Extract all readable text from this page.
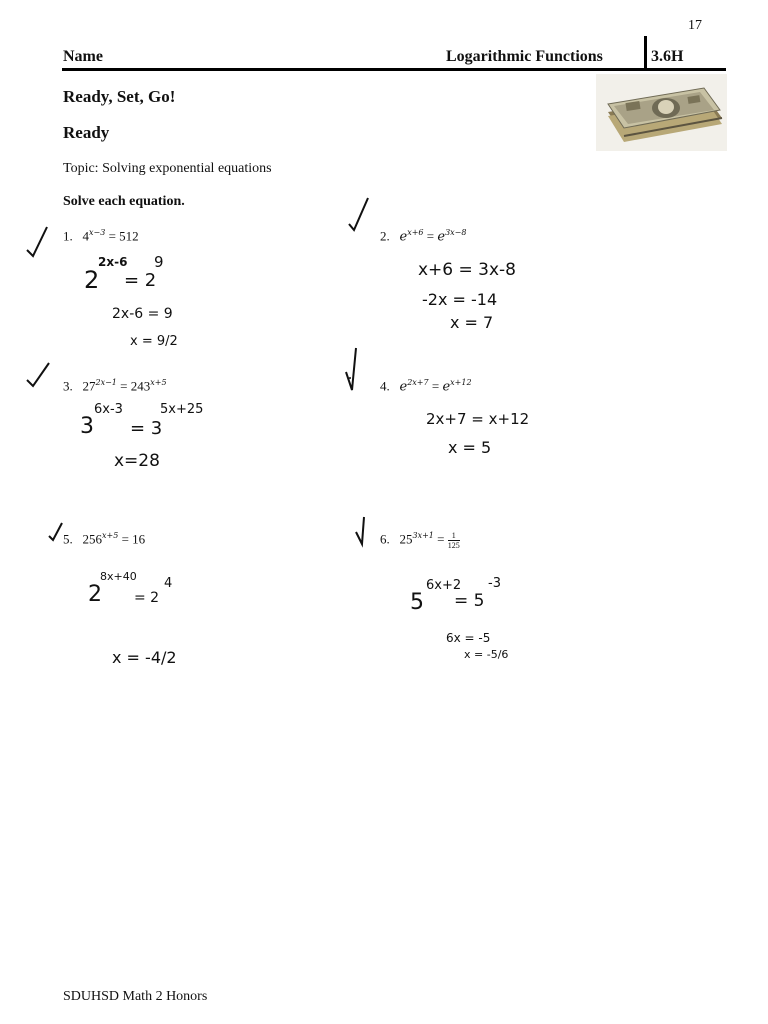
17
Name	Logarithmic Functions	3.6H
Ready, Set, Go!
Ready
Topic: Solving exponential equations
Solve each equation.
1. $4^{x-3} = 512$	2. $e^{x+6} = e^{3x-8}$
3. $27^{2x-1} = 243^{x+5}$	4. $e^{2x+7} = e^{x+12}$
5. $256^{x+5} = 16$	6. $25^{3x+1} = \frac{1}{125}$
2x-6
2 = 2
9
2x-6 = 9
x = 9/2
x+6 = 3x-8
-2x = -14
x = 7
6x-3
3 = 3
5x+25
x=28
2x+7 = x+12
x = 5
8x+40
2 = 2
4
x = -4/2
6x+2
5 = 5
-3
6x = -5
x = -5/6
SDUHSD Math 2 Honors
